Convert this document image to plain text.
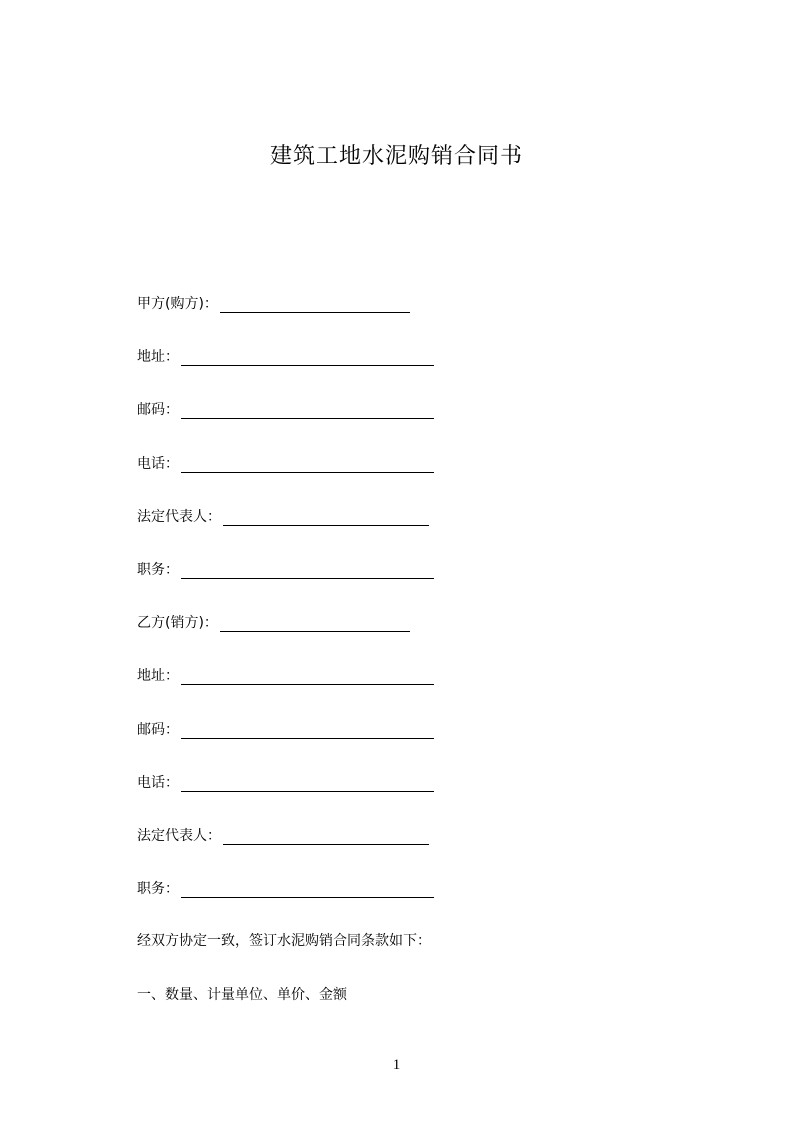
建筑工地水泥购销合同书
甲方(购方)：
地址：
邮码：
电话：
法定代表人：
职务：
乙方(销方)：
地址：
邮码：
电话：
法定代表人：
职务：
经双方协定一致，签订水泥购销合同条款如下：
一、数量、计量单位、单价、金额
1
